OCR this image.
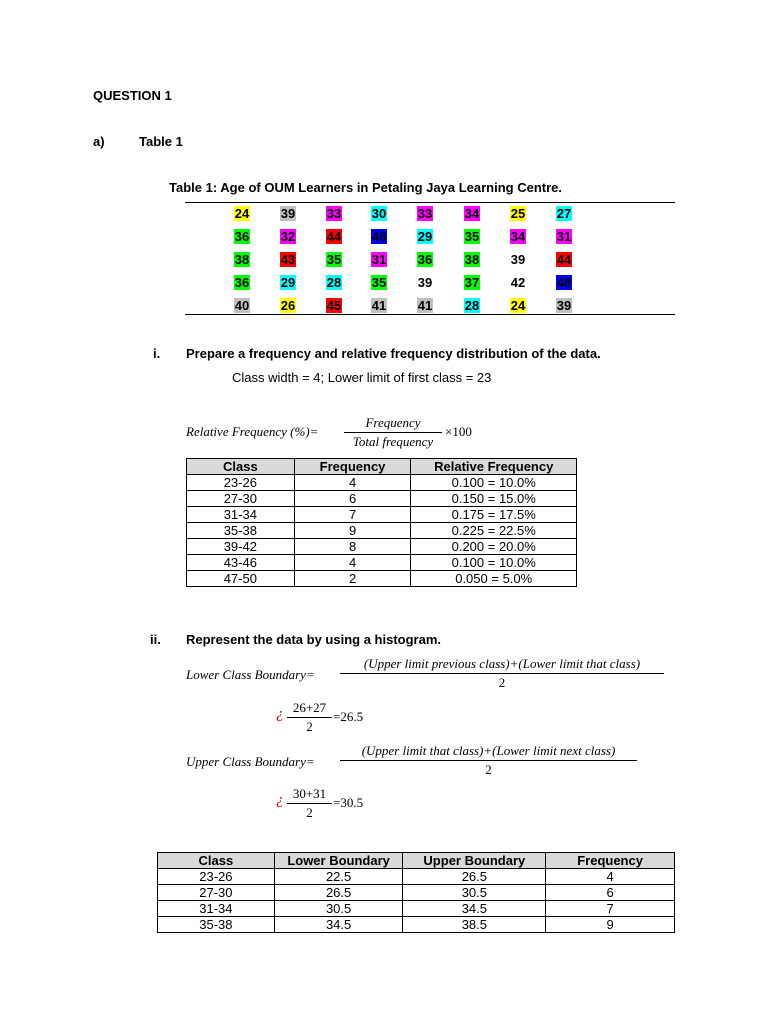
QUESTION 1
a)	Table 1
Table 1: Age of OUM Learners in Petaling Jaya Learning Centre.
24	39	33	30	33	34	25	27
36	32	44	48	29	35	34	31
38	43	35	31	36	38	39	44
36	29	28	35	39	37	42	48
40	26	45	41	41	28	24	39
i. Prepare a frequency and relative frequency distribution of the data.
Class width = 4; Lower limit of first class = 23
Relative Frequency (%)=
Frequency
Total frequency
×100
Class	Frequency	Relative Frequency
23-26	4	0.100 = 10.0%
27-30	6	0.150 = 15.0%
31-34	7	0.175 = 17.5%
35-38	9	0.225 = 22.5%
39-42	8	0.200 = 20.0%
43-46	4	0.100 = 10.0%
47-50	2	0.050 = 5.0%
ii. Represent the data by using a histogram.
Lower Class Boundary=
(Upper limit previous class)+(Lower limit that class)
2
¿ 26+27
2
=26.5
Upper Class Boundary=
(Upper limit that class)+(Lower limit next class)
2
¿ 30+31
2
=30.5
Class	Lower Boundary	Upper Boundary	Frequency
23-26	22.5	26.5	4
27-30	26.5	30.5	6
31-34	30.5	34.5	7
35-38	34.5	38.5	9
